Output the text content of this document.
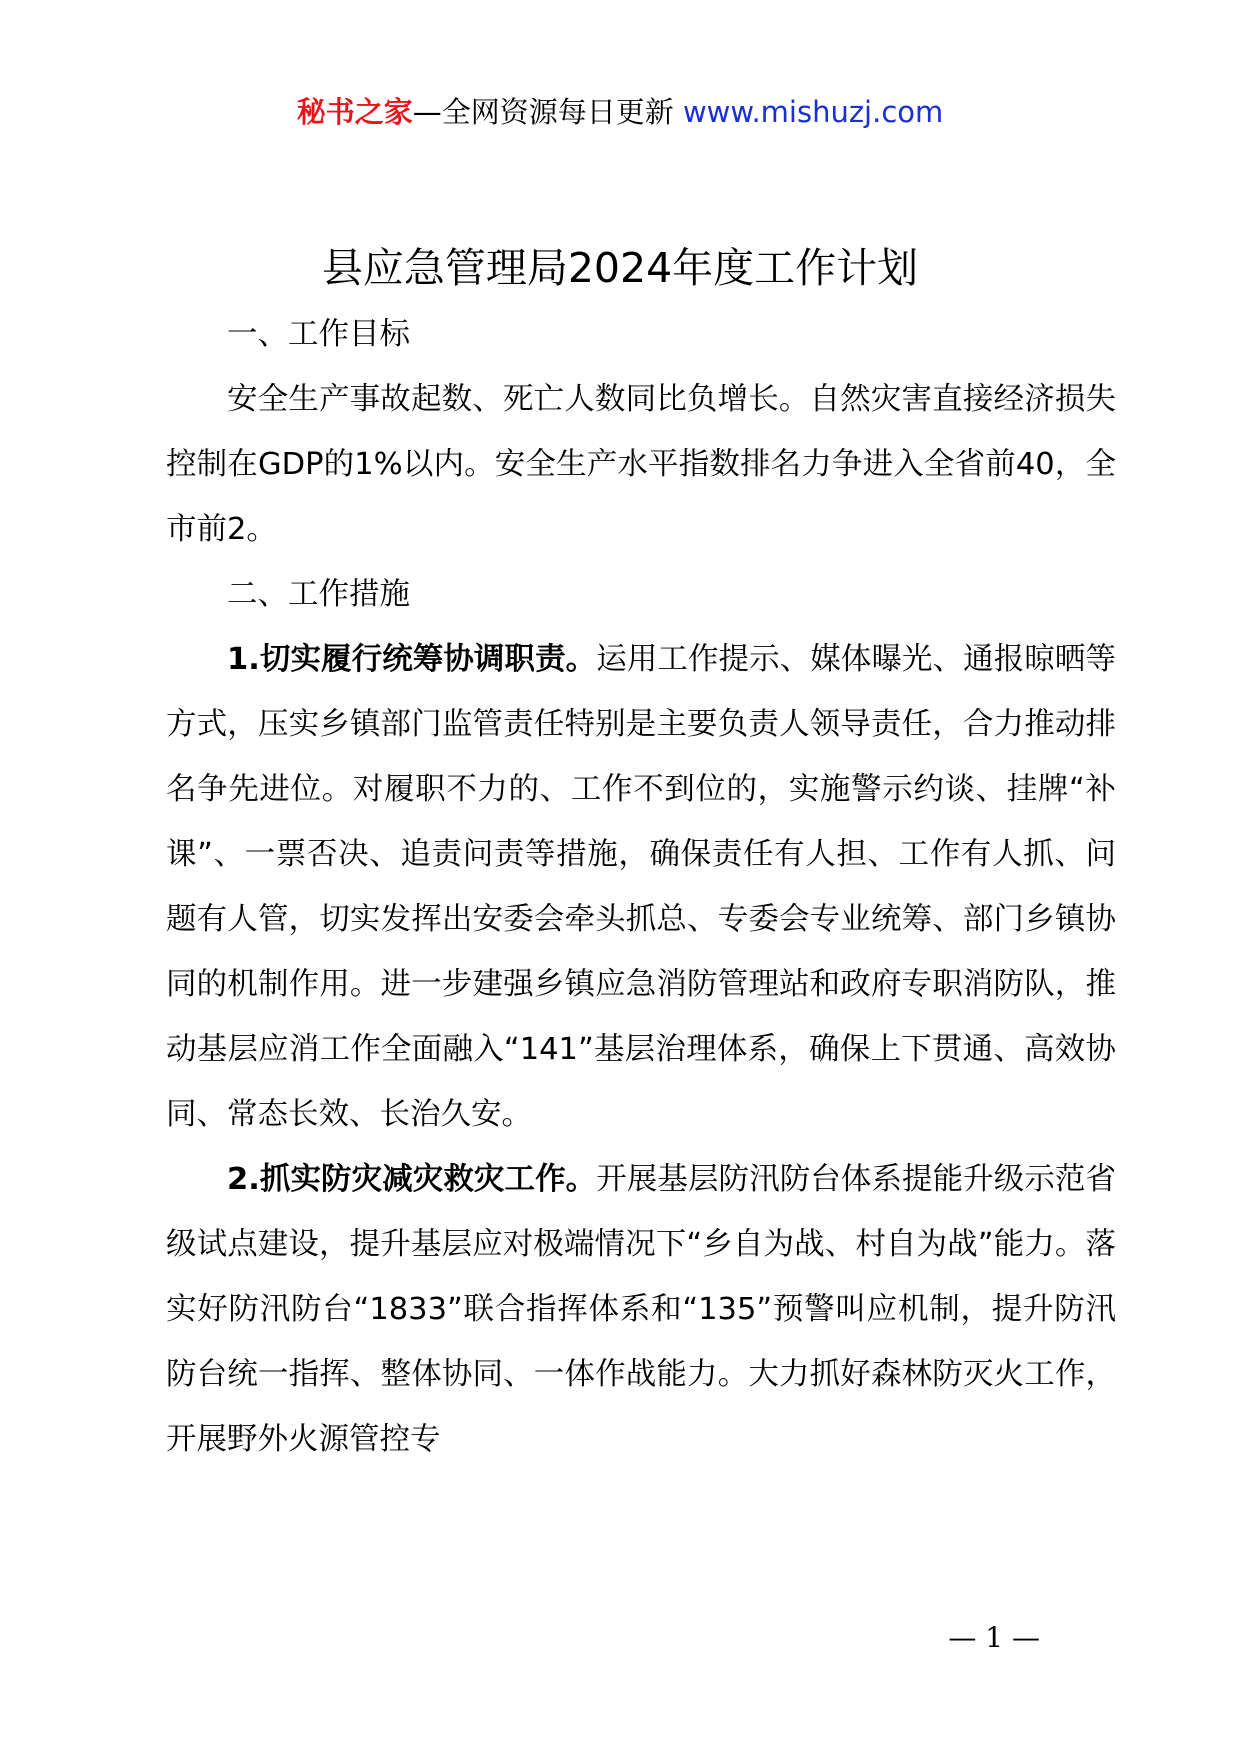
秘书之家—全网资源每日更新 www.mishuzj.com
县应急管理局2024年度工作计划

一、工作目标

安全生产事故起数、死亡人数同比负增长。自然灾害直接经济损失控制在GDP的1%以内。安全生产水平指数排名力争进入全省前40，全市前2。

二、工作措施

1.切实履行统筹协调职责。运用工作提示、媒体曝光、通报晾晒等方式，压实乡镇部门监管责任特别是主要负责人领导责任，合力推动排名争先进位。对履职不力的、工作不到位的，实施警示约谈、挂牌“补课”、一票否决、追责问责等措施，确保责任有人担、工作有人抓、问题有人管，切实发挥出安委会牵头抓总、专委会专业统筹、部门乡镇协同的机制作用。进一步建强乡镇应急消防管理站和政府专职消防队，推动基层应消工作全面融入“141”基层治理体系，确保上下贯通、高效协同、常态长效、长治久安。

2.抓实防灾减灾救灾工作。开展基层防汛防台体系提能升级示范省级试点建设，提升基层应对极端情况下“乡自为战、村自为战”能力。落实好防汛防台“1833”联合指挥体系和“135”预警叫应机制，提升防汛防台统一指挥、整体协同、一体作战能力。大力抓好森林防灭火工作，开展野外火源管控专

— 1 —
